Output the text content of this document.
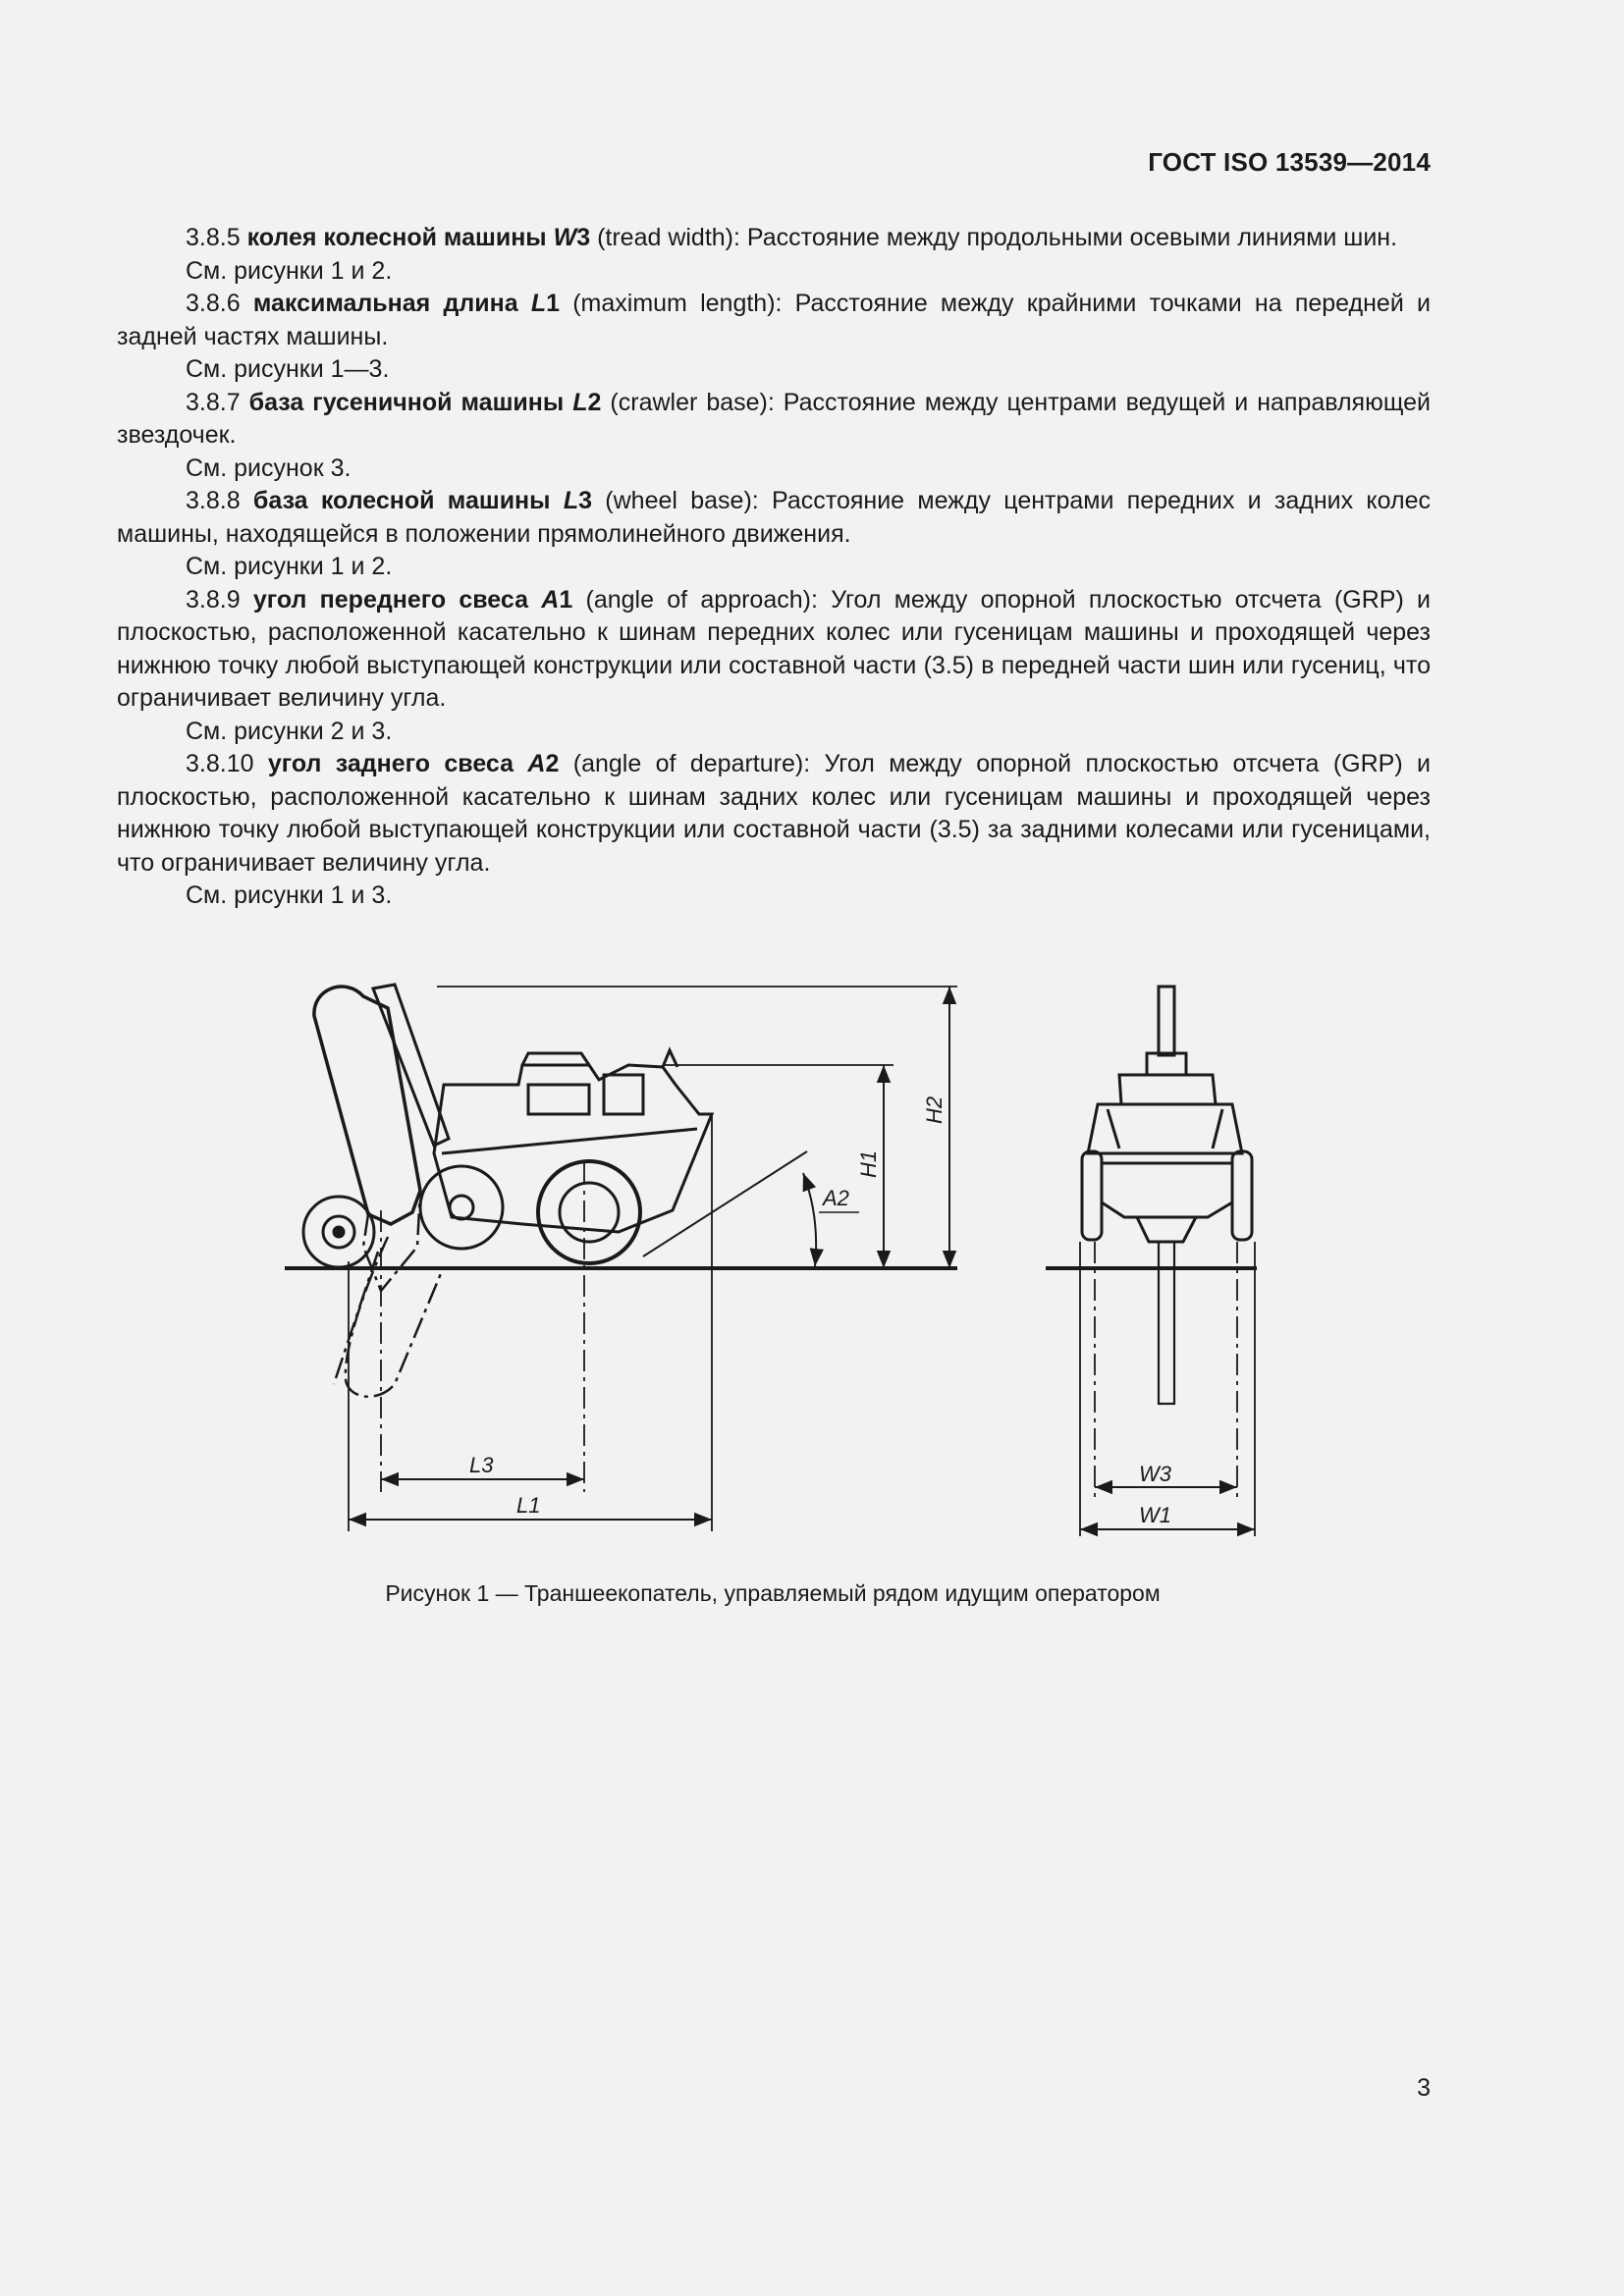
ГОСТ ISO 13539—2014

3.8.5 колея колесной машины W3 (tread width): Расстояние между продольными осевыми линиями шин.

См. рисунки 1 и 2.

3.8.6 максимальная длина L1 (maximum length): Расстояние между крайними точками на передней и задней частях машины.

См. рисунки 1—3.

3.8.7 база гусеничной машины L2 (crawler base): Расстояние между центрами ведущей и направляющей звездочек.

См. рисунок 3.

3.8.8 база колесной машины L3 (wheel base): Расстояние между центрами передних и задних колес машины, находящейся в положении прямолинейного движения.

См. рисунки 1 и 2.

3.8.9 угол переднего свеса A1 (angle of approach): Угол между опорной плоскостью отсчета (GRP) и плоскостью, расположенной касательно к шинам передних колес или гусеницам машины и проходящей через нижнюю точку любой выступающей конструкции или составной части (3.5) в передней части шин или гусениц, что ограничивает величину угла.

См. рисунки 2 и 3.

3.8.10 угол заднего свеса A2 (angle of departure): Угол между опорной плоскостью отсчета (GRP) и плоскостью, расположенной касательно к шинам задних колес или гусеницам машины и проходящей через нижнюю точку любой выступающей конструкции или составной части (3.5) за задними колесами или гусеницами, что ограничивает величину угла.

См. рисунки 1 и 3.

L3
L1
A2
H1
H2
W3
W1
Рисунок 1 — Траншеекопатель, управляемый рядом идущим оператором
3
